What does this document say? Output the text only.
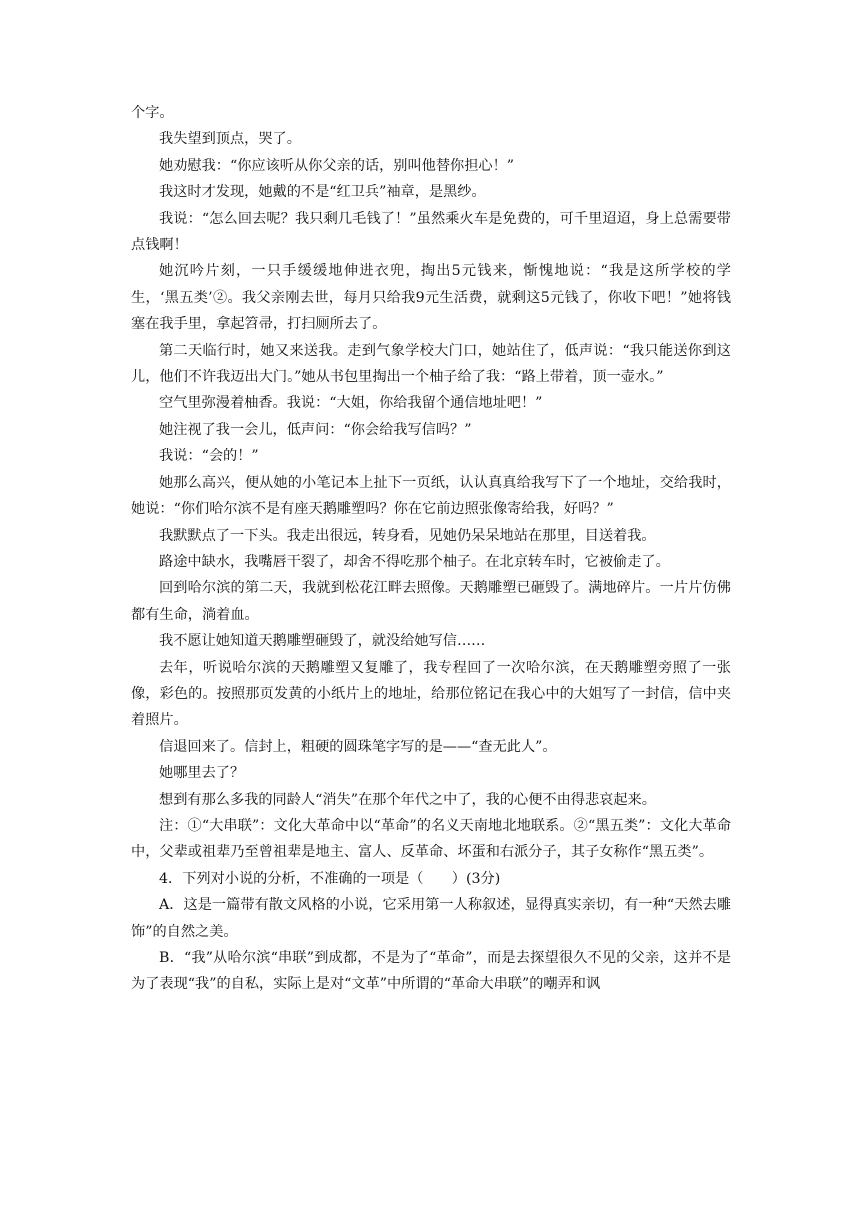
个字。

我失望到顶点，哭了。

她劝慰我：“你应该听从你父亲的话，别叫他替你担心！”

我这时才发现，她戴的不是“红卫兵”袖章，是黑纱。

我说：“怎么回去呢？我只剩几毛钱了！”虽然乘火车是免费的，可千里迢迢，身上总需要带点钱啊！

她沉吟片刻，一只手缓缓地伸进衣兜，掏出5元钱来，惭愧地说：“我是这所学校的学生，‘黑五类’②。我父亲刚去世，每月只给我9元生活费，就剩这5元钱了，你收下吧！”她将钱塞在我手里，拿起笤帚，打扫厕所去了。

第二天临行时，她又来送我。走到气象学校大门口，她站住了，低声说：“我只能送你到这儿，他们不许我迈出大门。”她从书包里掏出一个柚子给了我：“路上带着，顶一壶水。”

空气里弥漫着柚香。我说：“大姐，你给我留个通信地址吧！”

她注视了我一会儿，低声问：“你会给我写信吗？”

我说：“会的！”

她那么高兴，便从她的小笔记本上扯下一页纸，认认真真给我写下了一个地址，交给我时，她说：“你们哈尔滨不是有座天鹅雕塑吗？你在它前边照张像寄给我，好吗？”

我默默点了一下头。我走出很远，转身看，见她仍呆呆地站在那里，目送着我。

路途中缺水，我嘴唇干裂了，却舍不得吃那个柚子。在北京转车时，它被偷走了。

回到哈尔滨的第二天，我就到松花江畔去照像。天鹅雕塑已砸毁了。满地碎片。一片片仿佛都有生命，淌着血。

我不愿让她知道天鹅雕塑砸毁了，就没给她写信……

去年，听说哈尔滨的天鹅雕塑又复雕了，我专程回了一次哈尔滨，在天鹅雕塑旁照了一张像，彩色的。按照那页发黄的小纸片上的地址，给那位铭记在我心中的大姐写了一封信，信中夹着照片。

信退回来了。信封上，粗硬的圆珠笔字写的是——“查无此人”。

她哪里去了？

想到有那么多我的同龄人“消失”在那个年代之中了，我的心便不由得悲哀起来。

注：①“大串联”：文化大革命中以“革命”的名义天南地北地联系。②“黑五类”：文化大革命中，父辈或祖辈乃至曾祖辈是地主、富人、反革命、坏蛋和右派分子，其子女称作“黑五类”。

4．下列对小说的分析，不准确的一项是（　　）(3分)

A．这是一篇带有散文风格的小说，它采用第一人称叙述，显得真实亲切，有一种“天然去雕饰”的自然之美。

B．“我”从哈尔滨“串联”到成都，不是为了“革命”，而是去探望很久不见的父亲，这并不是为了表现“我”的自私，实际上是对“文革”中所谓的“革命大串联”的嘲弄和讽
